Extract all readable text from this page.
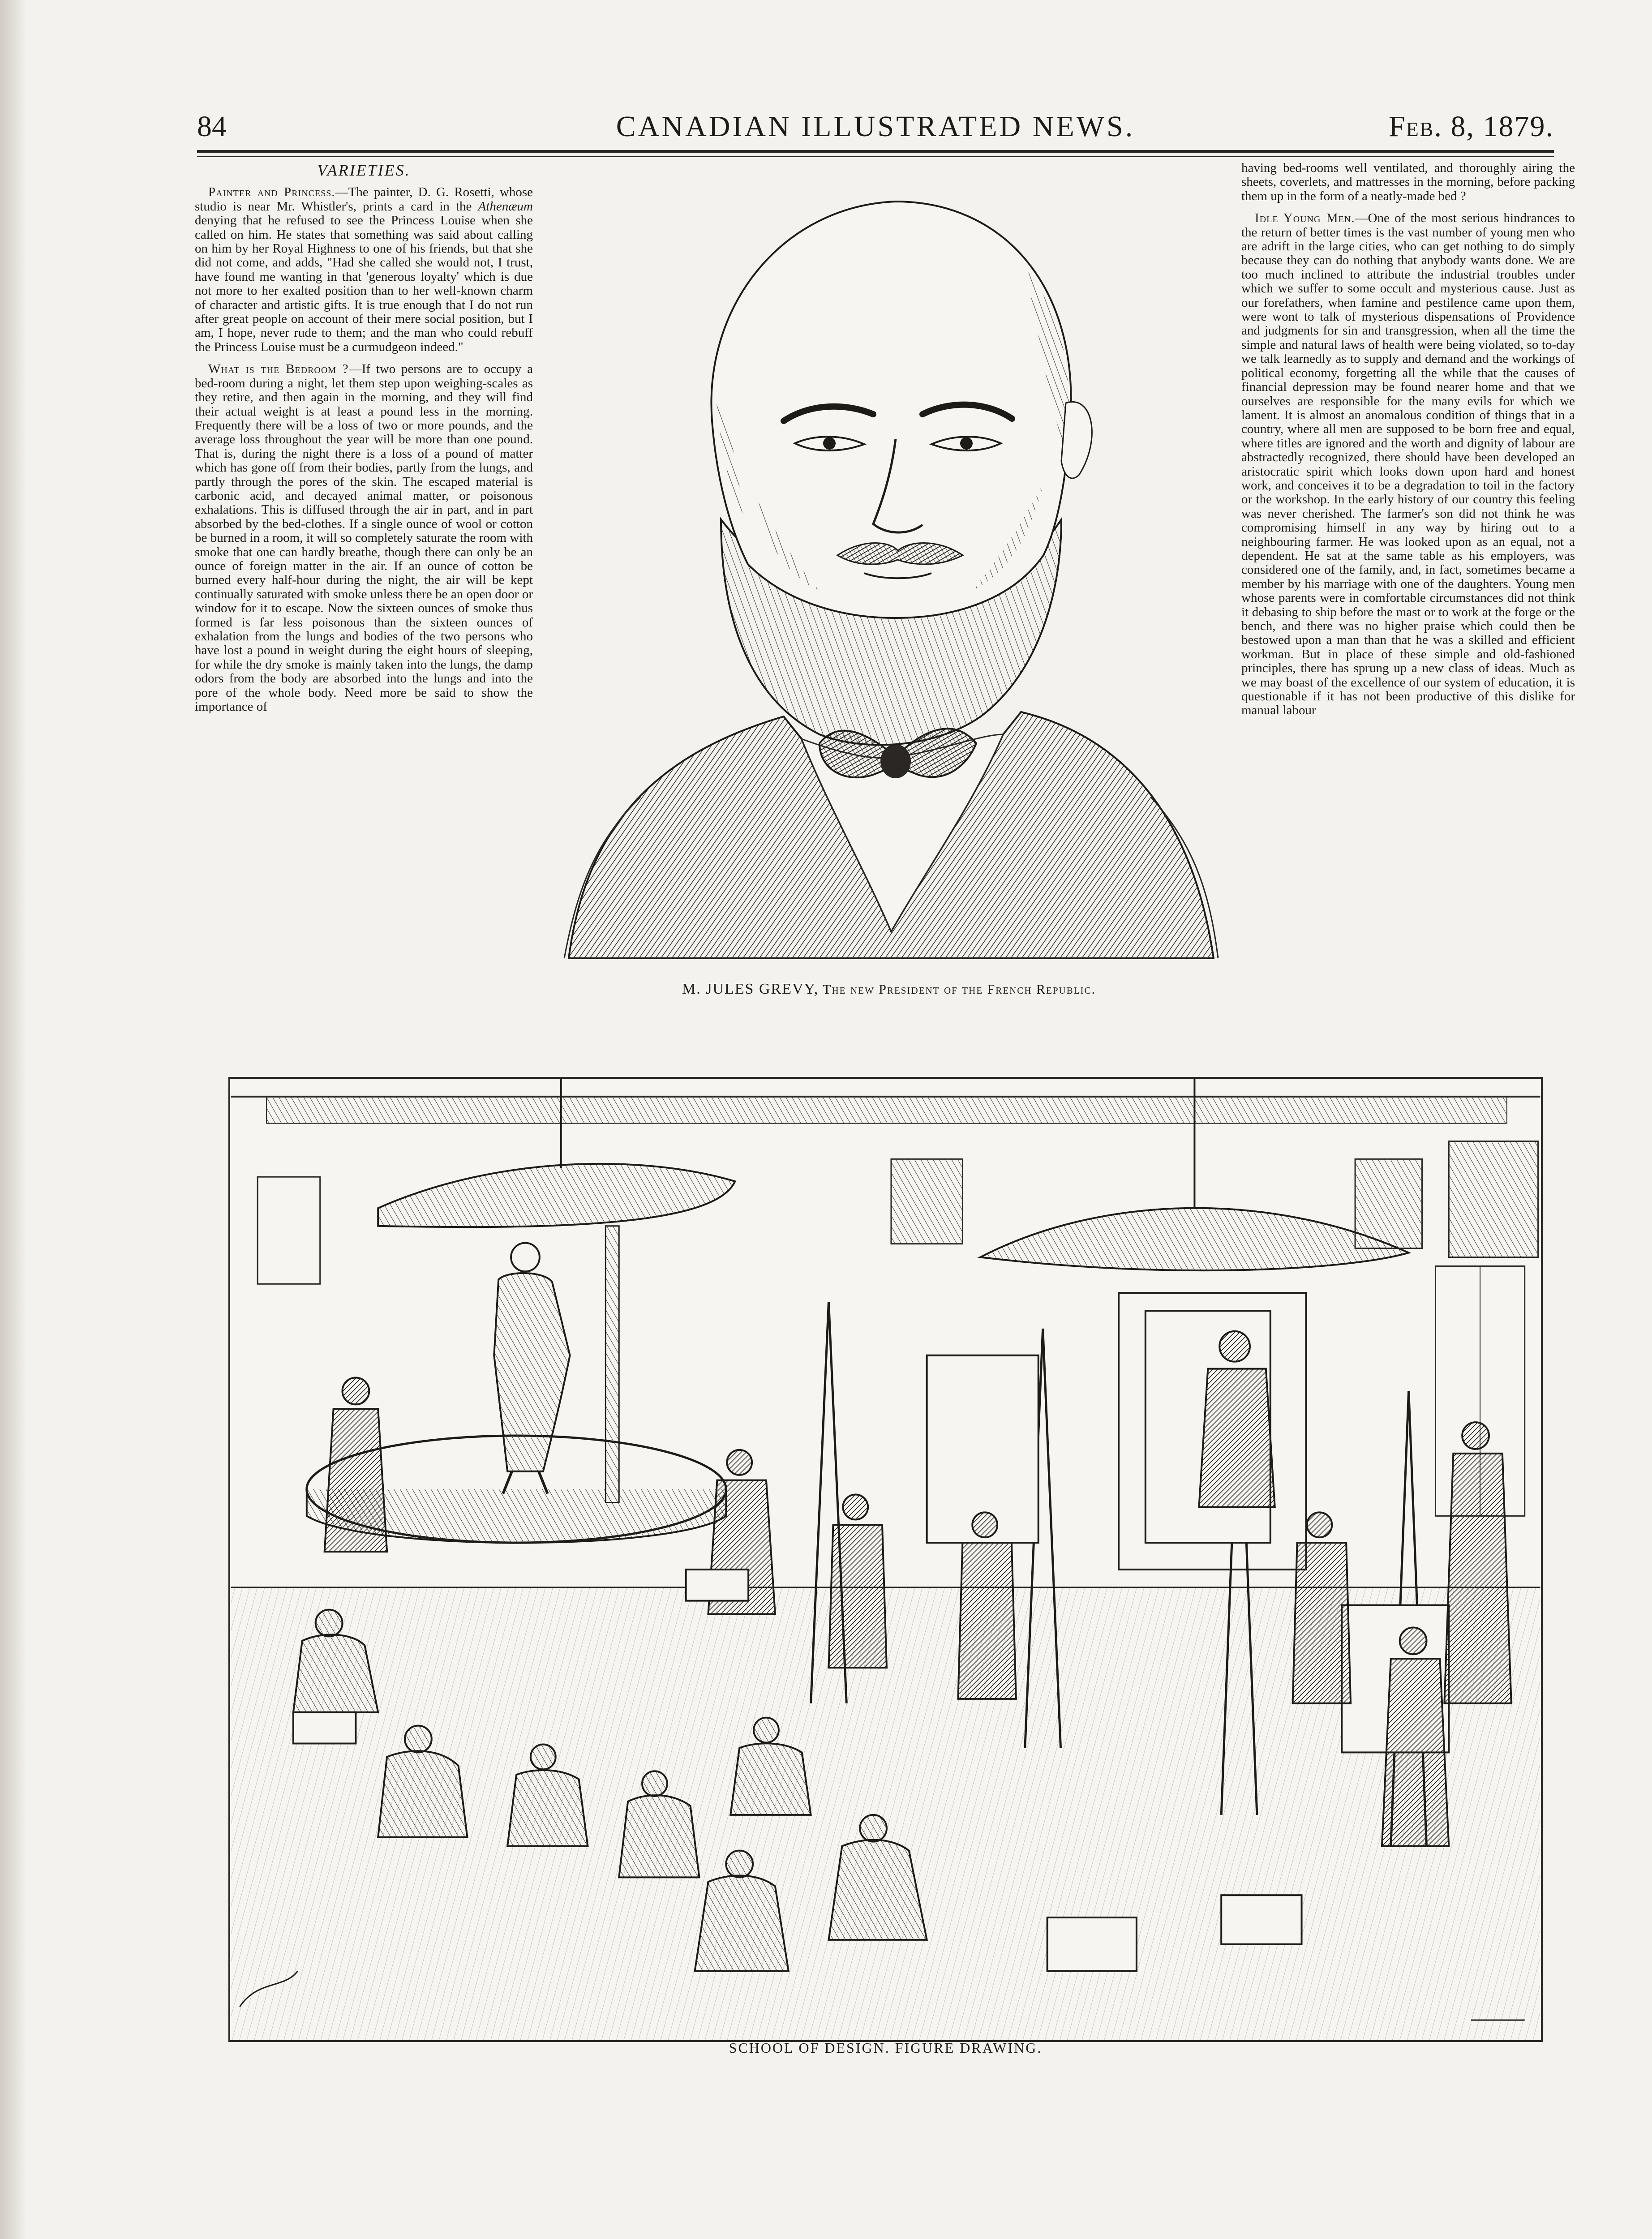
84	CANADIAN ILLUSTRATED NEWS.	Feb. 8, 1879.

VARIETIES.

Painter and Princess.—The painter, D. G. Rosetti, whose studio is near Mr. Whistler's, prints a card in the Athenæum denying that he refused to see the Princess Louise when she called on him. He states that something was said about calling on him by her Royal Highness to one of his friends, but that she did not come, and adds, "Had she called she would not, I trust, have found me wanting in that 'generous loyalty' which is due not more to her exalted position than to her well-known charm of character and artistic gifts. It is true enough that I do not run after great people on account of their mere social position, but I am, I hope, never rude to them; and the man who could rebuff the Princess Louise must be a curmudgeon indeed."

What is the Bedroom ?—If two persons are to occupy a bed-room during a night, let them step upon weighing-scales as they retire, and then again in the morning, and they will find their actual weight is at least a pound less in the morning. Frequently there will be a loss of two or more pounds, and the average loss throughout the year will be more than one pound. That is, during the night there is a loss of a pound of matter which has gone off from their bodies, partly from the lungs, and partly through the pores of the skin. The escaped material is carbonic acid, and decayed animal matter, or poisonous exhalations. This is diffused through the air in part, and in part absorbed by the bed-clothes. If a single ounce of wool or cotton be burned in a room, it will so completely saturate the room with smoke that one can hardly breathe, though there can only be an ounce of foreign matter in the air. If an ounce of cotton be burned every half-hour during the night, the air will be kept continually saturated with smoke unless there be an open door or window for it to escape. Now the sixteen ounces of smoke thus formed is far less poisonous than the sixteen ounces of exhalation from the lungs and bodies of the two persons who have lost a pound in weight during the eight hours of sleeping, for while the dry smoke is mainly taken into the lungs, the damp odors from the body are absorbed into the lungs and into the pore of the whole body. Need more be said to show the importance of

having bed-rooms well ventilated, and thoroughly airing the sheets, coverlets, and mattresses in the morning, before packing them up in the form of a neatly-made bed ?

Idle Young Men.—One of the most serious hindrances to the return of better times is the vast number of young men who are adrift in the large cities, who can get nothing to do simply because they can do nothing that anybody wants done. We are too much inclined to attribute the industrial troubles under which we suffer to some occult and mysterious cause. Just as our forefathers, when famine and pestilence came upon them, were wont to talk of mysterious dispensations of Providence and judgments for sin and transgression, when all the time the simple and natural laws of health were being violated, so to-day we talk learnedly as to supply and demand and the workings of political economy, forgetting all the while that the causes of financial depression may be found nearer home and that we ourselves are responsible for the many evils for which we lament. It is almost an anomalous condition of things that in a country, where all men are supposed to be born free and equal, where titles are ignored and the worth and dignity of labour are abstractedly recognized, there should have been developed an aristocratic spirit which looks down upon hard and honest work, and conceives it to be a degradation to toil in the factory or the workshop. In the early history of our country this feeling was never cherished. The farmer's son did not think he was compromising himself in any way by hiring out to a neighbouring farmer. He was looked upon as an equal, not a dependent. He sat at the same table as his employers, was considered one of the family, and, in fact, sometimes became a member by his marriage with one of the daughters. Young men whose parents were in comfortable circumstances did not think it debasing to ship before the mast or to work at the forge or the bench, and there was no higher praise which could then be bestowed upon a man than that he was a skilled and efficient workman. But in place of these simple and old-fashioned principles, there has sprung up a new class of ideas. Much as we may boast of the excellence of our system of education, it is questionable if it has not been productive of this dislike for manual labour

M. JULES GREVY, The new President of the French Republic.
SCHOOL OF DESIGN. FIGURE DRAWING.
